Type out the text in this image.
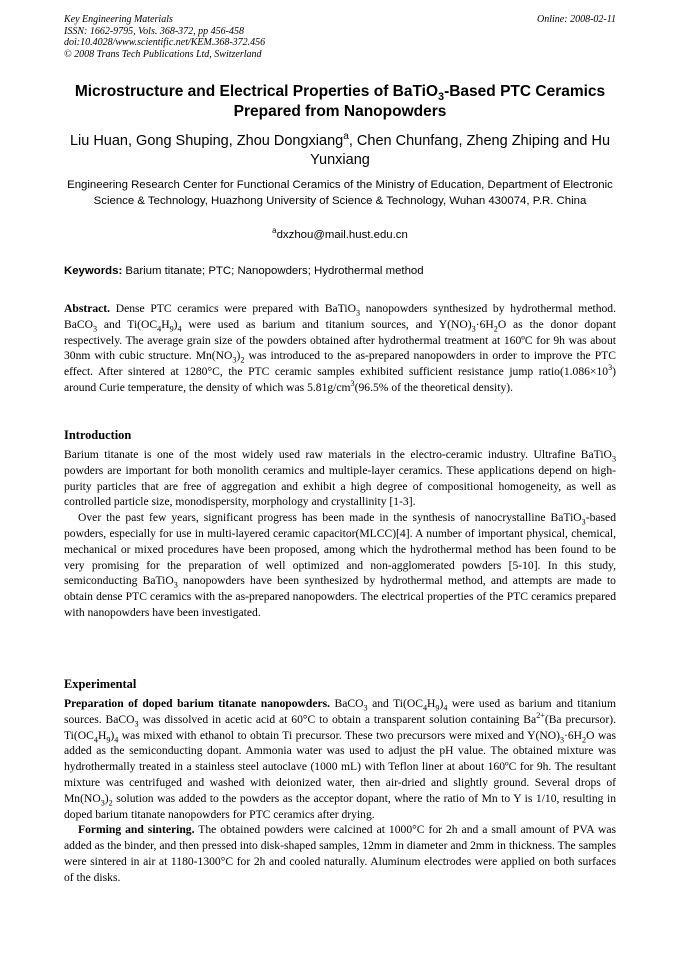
Key Engineering Materials
ISSN: 1662-9795, Vols. 368-372, pp 456-458
doi:10.4028/www.scientific.net/KEM.368-372.456
© 2008 Trans Tech Publications Ltd, Switzerland
Online: 2008-02-11
Microstructure and Electrical Properties of BaTiO$_3$-Based PTC Ceramics Prepared from Nanopowders
Liu Huan, Gong Shuping, Zhou Dongxiang$^a$, Chen Chunfang, Zheng Zhiping and Hu Yunxiang
Engineering Research Center for Functional Ceramics of the Ministry of Education, Department of Electronic Science & Technology, Huazhong University of Science & Technology, Wuhan 430074, P.R. China
$^a$dxzhou@mail.hust.edu.cn
Keywords: Barium titanate; PTC; Nanopowders; Hydrothermal method

Abstract. Dense PTC ceramics were prepared with BaTiO$_3$ nanopowders synthesized by hydrothermal method. BaCO$_3$ and $Ti(OC_4H_9)_4$ were used as barium and titanium sources, and $Y(NO)_3\cdot 6H_2O$ as the donor dopant respectively. The average grain size of the powders obtained after hydrothermal treatment at 160ºC for 9h was about 30nm with cubic structure. $Mn(NO_3)_2$ was introduced to the as-prepared nanopowders in order to improve the PTC effect. After sintered at 1280°C, the PTC ceramic samples exhibited sufficient resistance jump $ratio(1.086\times 10^3)$ around Curie temperature, the density of which was $5.81g/cm^3(96.5\%$ of the theoretical density).

Introduction

Barium titanate is one of the most widely used raw materials in the electro-ceramic industry. Ultrafine BaTiO$_3$ powders are important for both monolith ceramics and multiple-layer ceramics. These applications depend on high-purity particles that are free of aggregation and exhibit a high degree of compositional homogeneity, as well as controlled particle size, monodispersity, morphology and crystallinity [1-3].

Over the past few years, significant progress has been made in the synthesis of nanocrystalline BaTiO$_3$-based powders, especially for use in multi-layered ceramic capacitor(MLCC)[4]. A number of important physical, chemical, mechanical or mixed procedures have been proposed, among which the hydrothermal method has been found to be very promising for the preparation of well optimized and non-agglomerated powders [5-10]. In this study, semiconducting BaTiO$_3$ nanopowders have been synthesized by hydrothermal method, and attempts are made to obtain dense PTC ceramics with the as-prepared nanopowders. The electrical properties of the PTC ceramics prepared with nanopowders have been investigated.

Experimental

Preparation of doped barium titanate nanopowders. BaCO$_3$ and $Ti(OC_4H_9)_4$ were used as barium and titanium sources. BaCO$_3$ was dissolved in acetic acid at 60°C to obtain a transparent solution containing $Ba^{2+}(Ba$ precursor). $Ti(OC_4H_9)_4$ was mixed with ethanol to obtain Ti precursor. These two precursors were mixed and $Y(NO)_3\cdot 6H_2O$ was added as the semiconducting dopant. Ammonia water was used to adjust the pH value. The obtained mixture was hydrothermally treated in a stainless steel autoclave (1000 mL) with Teflon liner at about 160ºC for 9h. The resultant mixture was centrifuged and washed with deionized water, then air-dried and slightly ground. Several drops of $Mn(NO_3)_2$ solution was added to the powders as the acceptor dopant, where the ratio of Mn to Y is 1/10, resulting in doped barium titanate nanopowders for PTC ceramics after drying.

Forming and sintering. The obtained powders were calcined at 1000°C for 2h and a small amount of PVA was added as the binder, and then pressed into disk-shaped samples, 12mm in diameter and 2mm in thickness. The samples were sintered in air at 1180-1300°C for 2h and cooled naturally. Aluminum electrodes were applied on both surfaces of the disks.
